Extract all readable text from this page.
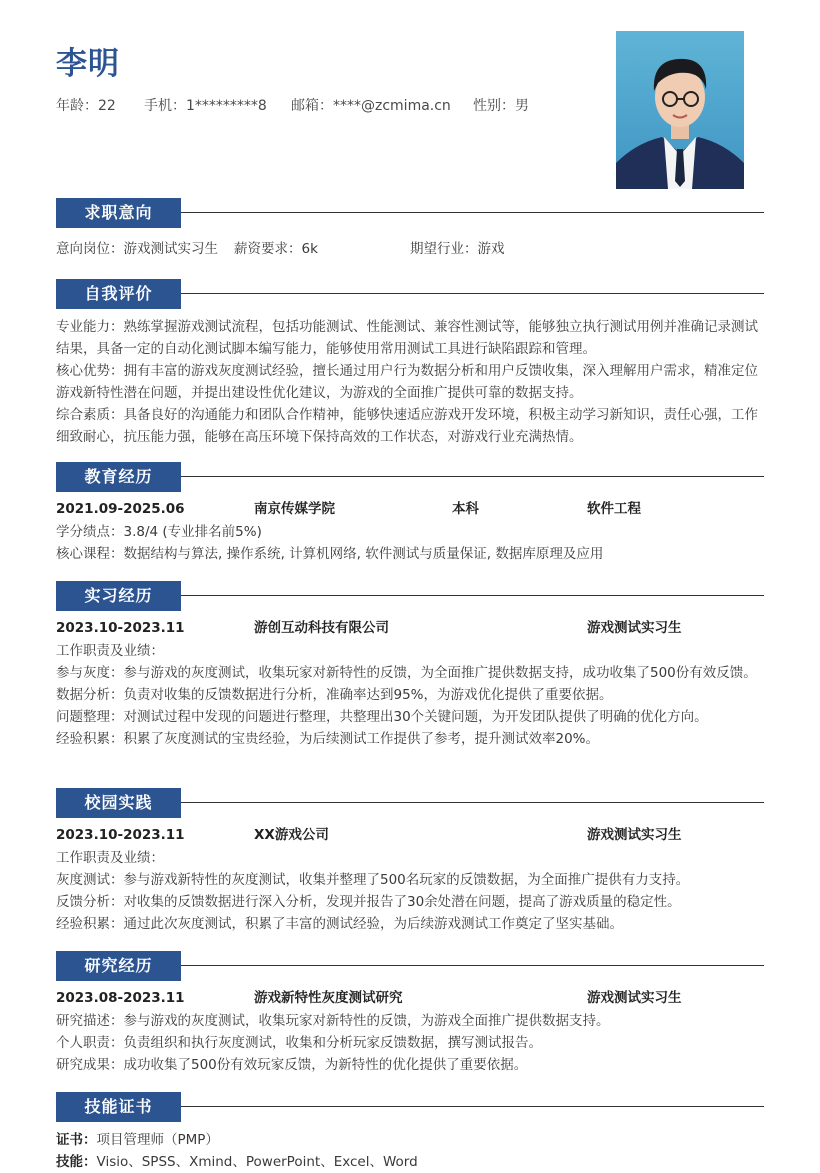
李明
年龄：22 手机：1*********8 邮箱：****@zcmima.cn 性别：男
求职意向
意向岗位：游戏测试实习生 薪资要求：6k	期望行业：游戏
自我评价

专业能力：熟练掌握游戏测试流程，包括功能测试、性能测试、兼容性测试等，能够独立执行测试用例并准确记录测试结果，具备一定的自动化测试脚本编写能力，能够使用常用测试工具进行缺陷跟踪和管理。

核心优势：拥有丰富的游戏灰度测试经验，擅长通过用户行为数据分析和用户反馈收集，深入理解用户需求，精准定位游戏新特性潜在问题，并提出建设性优化建议，为游戏的全面推广提供可靠的数据支持。

综合素质：具备良好的沟通能力和团队合作精神，能够快速适应游戏开发环境，积极主动学习新知识，责任心强，工作细致耐心，抗压能力强，能够在高压环境下保持高效的工作状态，对游戏行业充满热情。

教育经历
2021.09-2025.06	南京传媒学院	本科	软件工程

学分绩点：3.8/4 (专业排名前5%)

核心课程：数据结构与算法, 操作系统, 计算机网络, 软件测试与质量保证, 数据库原理及应用

实习经历
2023.10-2023.11	游创互动科技有限公司	游戏测试实习生

工作职责及业绩：

参与灰度：参与游戏的灰度测试，收集玩家对新特性的反馈，为全面推广提供数据支持，成功收集了500份有效反馈。

数据分析：负责对收集的反馈数据进行分析，准确率达到95%，为游戏优化提供了重要依据。

问题整理：对测试过程中发现的问题进行整理，共整理出30个关键问题，为开发团队提供了明确的优化方向。

经验积累：积累了灰度测试的宝贵经验，为后续测试工作提供了参考，提升测试效率20%。

校园实践
2023.10-2023.11	XX游戏公司	游戏测试实习生

工作职责及业绩：

灰度测试：参与游戏新特性的灰度测试，收集并整理了500名玩家的反馈数据，为全面推广提供有力支持。

反馈分析：对收集的反馈数据进行深入分析，发现并报告了30余处潜在问题，提高了游戏质量的稳定性。

经验积累：通过此次灰度测试，积累了丰富的测试经验，为后续游戏测试工作奠定了坚实基础。

研究经历
2023.08-2023.11	游戏新特性灰度测试研究	游戏测试实习生

研究描述：参与游戏的灰度测试，收集玩家对新特性的反馈，为游戏全面推广提供数据支持。

个人职责：负责组织和执行灰度测试，收集和分析玩家反馈数据，撰写测试报告。

研究成果：成功收集了500份有效玩家反馈，为新特性的优化提供了重要依据。

技能证书

证书：项目管理师（PMP）

技能：Visio、SPSS、Xmind、PowerPoint、Excel、Word
